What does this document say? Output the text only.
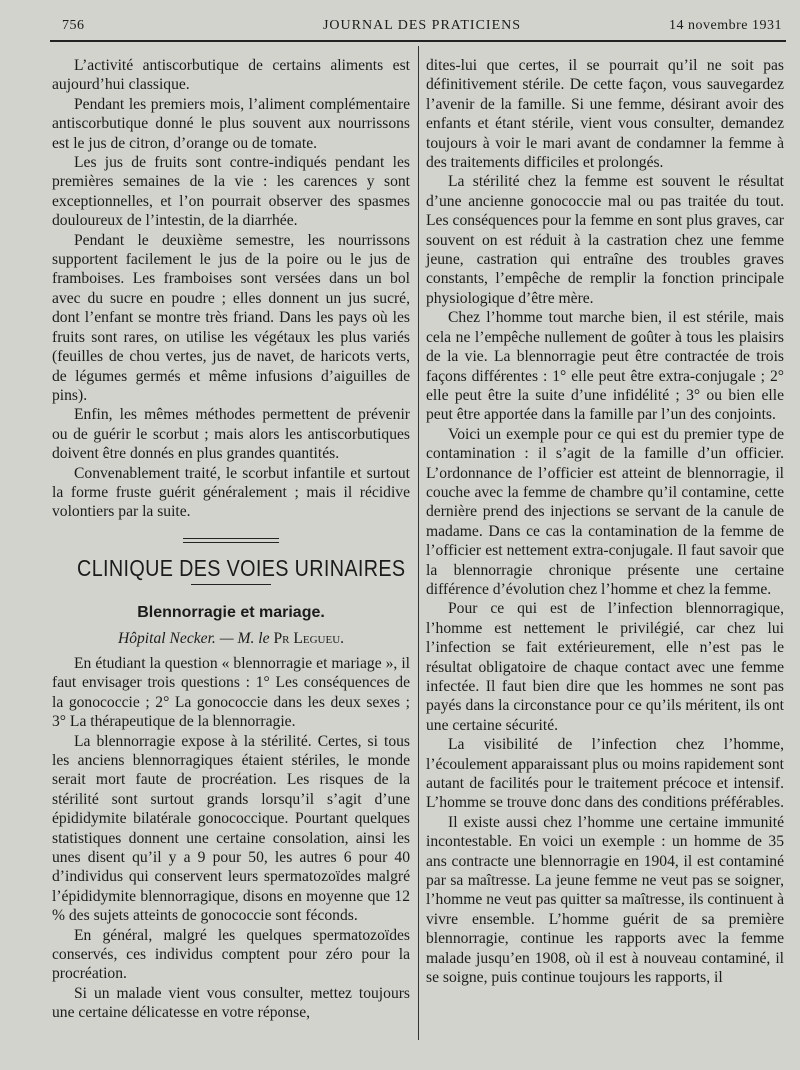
756	JOURNAL DES PRATICIENS	14 novembre 1931

L’activité antiscorbutique de certains aliments est aujourd’hui classique.

Pendant les premiers mois, l’aliment complémentaire antiscorbutique donné le plus souvent aux nourrissons est le jus de citron, d’orange ou de tomate.

Les jus de fruits sont contre-indiqués pendant les premières semaines de la vie : les carences y sont exceptionnelles, et l’on pourrait observer des spasmes douloureux de l’intestin, de la diarrhée.

Pendant le deuxième semestre, les nourrissons supportent facilement le jus de la poire ou le jus de framboises. Les framboises sont versées dans un bol avec du sucre en poudre ; elles donnent un jus sucré, dont l’enfant se montre très friand. Dans les pays où les fruits sont rares, on utilise les végétaux les plus variés (feuilles de chou vertes, jus de navet, de haricots verts, de légumes germés et même infusions d’aiguilles de pins).

Enfin, les mêmes méthodes permettent de prévenir ou de guérir le scorbut ; mais alors les antiscorbutiques doivent être donnés en plus grandes quantités.

Convenablement traité, le scorbut infantile et surtout la forme fruste guérit généralement ; mais il récidive volontiers par la suite.

CLINIQUE DES VOIES URINAIRES
Blennorragie et mariage.
Hôpital Necker. — M. le Pr Legueu.

En étudiant la question « blennorragie et mariage », il faut envisager trois questions : 1° Les conséquences de la gonococcie ; 2° La gonococcie dans les deux sexes ; 3° La thérapeutique de la blennorragie.

La blennorragie expose à la stérilité. Certes, si tous les anciens blennorragiques étaient stériles, le monde serait mort faute de procréation. Les risques de la stérilité sont surtout grands lorsqu’il s’agit d’une épididymite bilatérale gonococcique. Pourtant quelques statistiques donnent une certaine consolation, ainsi les unes disent qu’il y a 9 pour 50, les autres 6 pour 40 d’individus qui conservent leurs spermatozoïdes malgré l’épididymite blennorragique, disons en moyenne que 12 % des sujets atteints de gonococcie sont féconds.

En général, malgré les quelques spermatozoïdes conservés, ces individus comptent pour zéro pour la procréation.

Si un malade vient vous consulter, mettez toujours une certaine délicatesse en votre réponse,

dites-lui que certes, il se pourrait qu’il ne soit pas définitivement stérile. De cette façon, vous sauvegardez l’avenir de la famille. Si une femme, désirant avoir des enfants et étant stérile, vient vous consulter, demandez toujours à voir le mari avant de condamner la femme à des traitements difficiles et prolongés.

La stérilité chez la femme est souvent le résultat d’une ancienne gonococcie mal ou pas traitée du tout. Les conséquences pour la femme en sont plus graves, car souvent on est réduit à la castration chez une femme jeune, castration qui entraîne des troubles graves constants, l’empêche de remplir la fonction principale physiologique d’être mère.

Chez l’homme tout marche bien, il est stérile, mais cela ne l’empêche nullement de goûter à tous les plaisirs de la vie. La blennorragie peut être contractée de trois façons différentes : 1° elle peut être extra-conjugale ; 2° elle peut être la suite d’une infidélité ; 3° ou bien elle peut être apportée dans la famille par l’un des conjoints.

Voici un exemple pour ce qui est du premier type de contamination : il s’agit de la famille d’un officier. L’ordonnance de l’officier est atteint de blennorragie, il couche avec la femme de chambre qu’il contamine, cette dernière prend des injections se servant de la canule de madame. Dans ce cas la contamination de la femme de l’officier est nettement extra-conjugale. Il faut savoir que la blennorragie chronique présente une certaine différence d’évolution chez l’homme et chez la femme.

Pour ce qui est de l’infection blennorragique, l’homme est nettement le privilégié, car chez lui l’infection se fait extérieurement, elle n’est pas le résultat obligatoire de chaque contact avec une femme infectée. Il faut bien dire que les hommes ne sont pas payés dans la circonstance pour ce qu’ils méritent, ils ont une certaine sécurité.

La visibilité de l’infection chez l’homme, l’écoulement apparaissant plus ou moins rapidement sont autant de facilités pour le traitement précoce et intensif. L’homme se trouve donc dans des conditions préférables.

Il existe aussi chez l’homme une certaine immunité incontestable. En voici un exemple : un homme de 35 ans contracte une blennorragie en 1904, il est contaminé par sa maîtresse. La jeune femme ne veut pas se soigner, l’homme ne veut pas quitter sa maîtresse, ils continuent à vivre ensemble. L’homme guérit de sa première blennorragie, continue les rapports avec la femme malade jusqu’en 1908, où il est à nouveau contaminé, il se soigne, puis continue toujours les rapports, il
